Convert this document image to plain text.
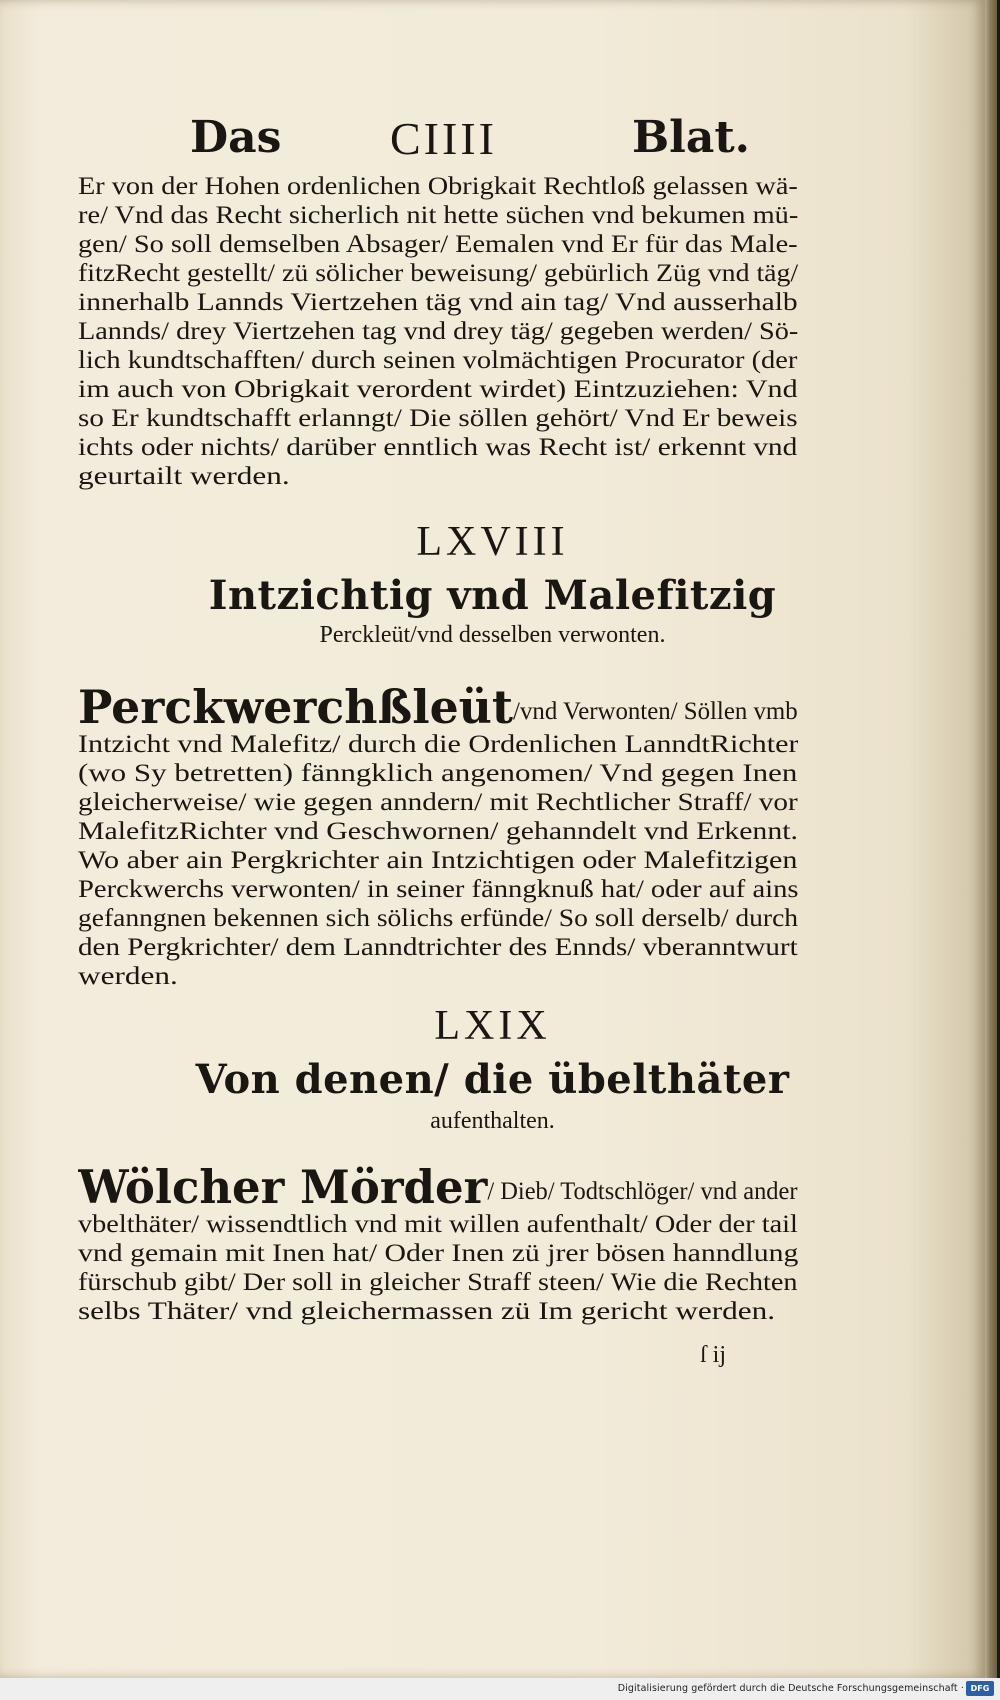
Das CIIII	Blat.
Er von der Hohen ordenlichen Obrigkait Rechtloß gelassen wä-
re/ Vnd das Recht sicherlich nit hette süchen vnd bekumen mü-
gen/ So soll demselben Absager/ Eemalen vnd Er für das Male-
fitzRecht gestellt/ zü sölicher beweisung/ gebürlich Züg vnd täg/
innerhalb Lannds Viertzehen täg vnd ain tag/ Vnd ausserhalb
Lannds/ drey Viertzehen tag vnd drey täg/ gegeben werden/ Sö-
lich kundtschafften/ durch seinen volmächtigen Procurator (der
im auch von Obrigkait verordent wirdet) Eintzuziehen: Vnd
so Er kundtschafft erlanngt/ Die söllen gehört/ Vnd Er beweis
ichts oder nichts/ darüber enntlich was Recht ist/ erkennt vnd
geurtailt werden.
LXVIII
Intzichtig vnd Malefitzig
Perckleüt/vnd desselben verwonten.
Perckwerchßleüt/vnd Verwonten/ Söllen vmb
Intzicht vnd Malefitz/ durch die Ordenlichen LanndtRichter
(wo Sy betretten) fänngklich angenomen/ Vnd gegen Inen
gleicherweise/ wie gegen anndern/ mit Rechtlicher Straff/ vor
MalefitzRichter vnd Geschwornen/ gehanndelt vnd Erkennt.
Wo aber ain Pergkrichter ain Intzichtigen oder Malefitzigen
Perckwerchs verwonten/ in seiner fänngknuß hat/ oder auf ains
gefanngnen bekennen sich sölichs erfünde/ So soll derselb/ durch
den Pergkrichter/ dem Lanndtrichter des Ennds/ vberanntwurt
werden.
LXIX
Von denen/ die übelthäter
aufenthalten.
Wölcher Mörder/ Dieb/ Todtschlöger/ vnd ander
vbelthäter/ wissendtlich vnd mit willen aufenthalt/ Oder der tail
vnd gemain mit Inen hat/ Oder Inen zü jrer bösen hanndlung
fürschub gibt/ Der soll in gleicher Straff steen/ Wie die Rechten
selbs Thäter/ vnd gleichermassen zü Im gericht werden.
ſ ij
Digitalisierung gefördert durch die Deutsche Forschungsgemeinschaft · DFG
